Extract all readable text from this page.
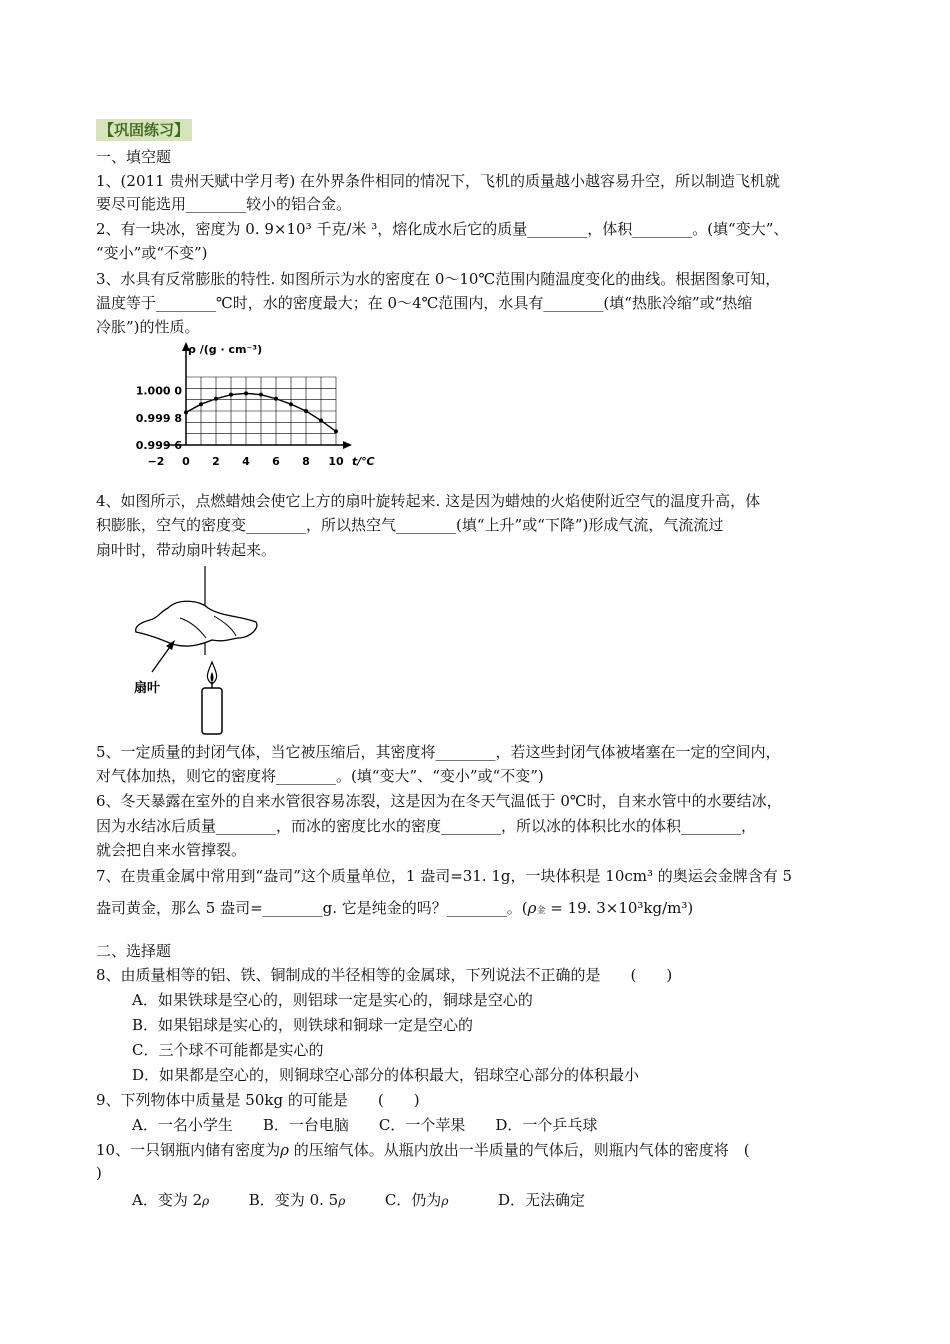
【巩固练习】
一、填空题
1、(2011 贵州天赋中学月考) 在外界条件相同的情况下，飞机的质量越小越容易升空，所以制造飞机就
要尽可能选用________较小的铝合金。
2、有一块冰，密度为 0. 9×10³ 千克/米 ³，熔化成水后它的质量________，体积________。(填“变大”、
“变小”或“不变”)
3、水具有反常膨胀的特性. 如图所示为水的密度在 0～10℃范围内随温度变化的曲线。根据图象可知，
温度等于________℃时，水的密度最大；在 0～4℃范围内，水具有________(填“热胀冷缩”或“热缩
冷胀”)的性质。
−2 0 2 4 6 8 10
1.000 0
0.999 8
0.999 6
ρ /(g · cm⁻³)
t/℃
4、如图所示，点燃蜡烛会使它上方的扇叶旋转起来. 这是因为蜡烛的火焰使附近空气的温度升高，体
积膨胀，空气的密度变________，所以热空气________(填“上升”或“下降”)形成气流，气流流过
扇叶时，带动扇叶转起来。
扇叶
5、一定质量的封闭气体，当它被压缩后，其密度将________，若这些封闭气体被堵塞在一定的空间内，
对气体加热，则它的密度将________。(填“变大”、“变小”或“不变”)
6、冬天暴露在室外的自来水管很容易冻裂，这是因为在冬天气温低于 0℃时，自来水管中的水要结冰，
因为水结冰后质量________，而冰的密度比水的密度________，所以冰的体积比水的体积________，
就会把自来水管撑裂。
7、在贵重金属中常用到“盎司”这个质量单位，1 盎司=31. 1g，一块体积是 10cm³ 的奥运会金牌含有 5
盎司黄金，那么 5 盎司=________g. 它是纯金的吗？________。(ρ金 = 19. 3×10³kg/m³)
二、选择题
8、由质量相等的铝、铁、铜制成的半径相等的金属球，下列说法不正确的是　　(　　)
A．如果铁球是空心的，则铝球一定是实心的，铜球是空心的
B．如果铝球是实心的，则铁球和铜球一定是空心的
C．三个球不可能都是实心的
D．如果都是空心的，则铜球空心部分的体积最大，铝球空心部分的体积最小
9、下列物体中质量是 50kg 的可能是　　(　　)
A．一名小学生　　B．一台电脑　　C．一个苹果　　D．一个乒乓球
10、一只钢瓶内储有密度为ρ 的压缩气体。从瓶内放出一半质量的气体后，则瓶内气体的密度将　(
)
A．变为 2ρ	B．变为 0. 5ρ	C．仍为ρ	D．无法确定
